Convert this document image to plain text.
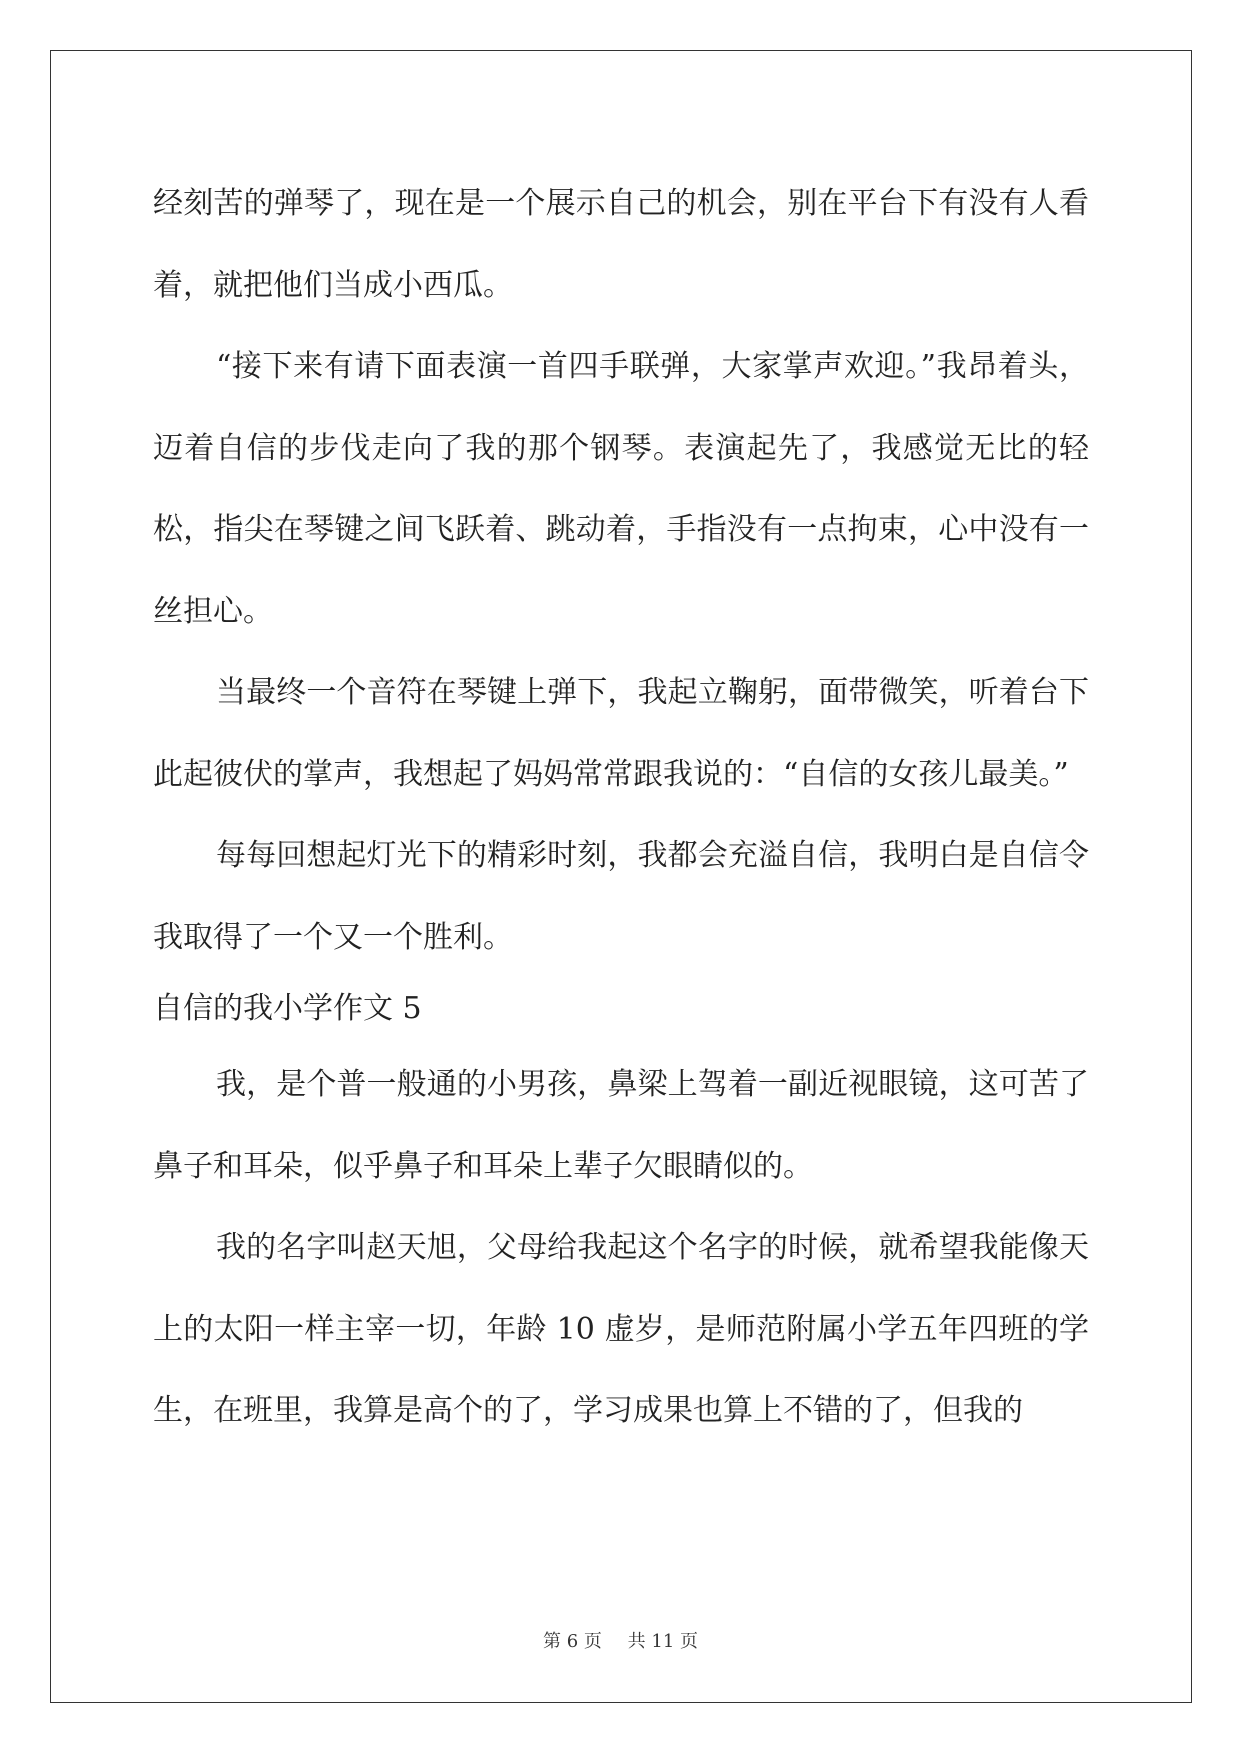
经刻苦的弹琴了，现在是一个展示自己的机会，别在平台下有没有人看着，就把他们当成小西瓜。

“接下来有请下面表演一首四手联弹，大家掌声欢迎。”我昂着头，迈着自信的步伐走向了我的那个钢琴。表演起先了，我感觉无比的轻松，指尖在琴键之间飞跃着、跳动着，手指没有一点拘束，心中没有一丝担心。

当最终一个音符在琴键上弹下，我起立鞠躬，面带微笑，听着台下此起彼伏的掌声，我想起了妈妈常常跟我说的：“自信的女孩儿最美。”

每每回想起灯光下的精彩时刻，我都会充溢自信，我明白是自信令我取得了一个又一个胜利。

自信的我小学作文 5

我，是个普一般通的小男孩，鼻梁上驾着一副近视眼镜，这可苦了鼻子和耳朵，似乎鼻子和耳朵上辈子欠眼睛似的。

我的名字叫赵天旭，父母给我起这个名字的时候，就希望我能像天上的太阳一样主宰一切，年龄 10 虚岁，是师范附属小学五年四班的学生，在班里，我算是高个的了，学习成果也算上不错的了，但我的

第 6 页 共 11 页
